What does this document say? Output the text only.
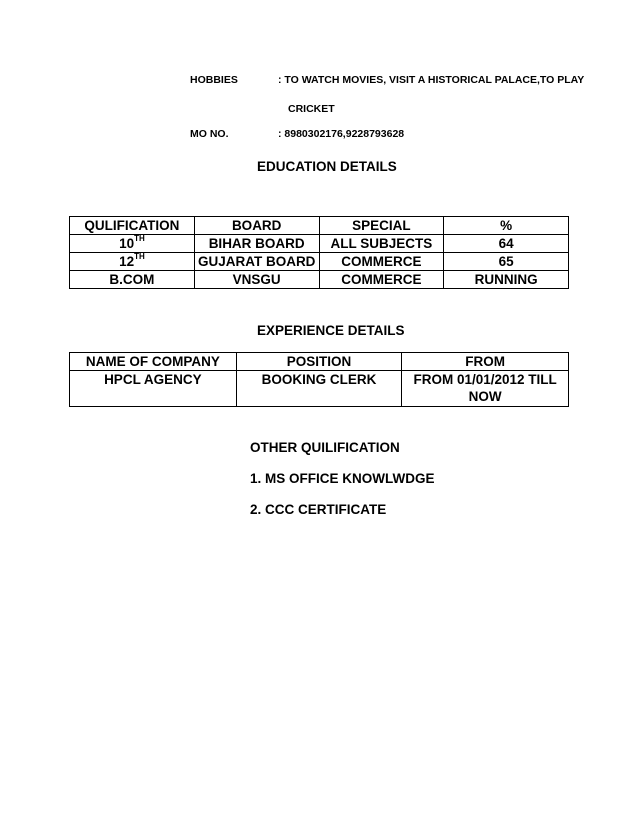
HOBBIES	: TO WATCH MOVIES, VISIT A HISTORICAL PALACE,TO PLAY
CRICKET
MO NO.	: 8980302176,9228793628
EDUCATION DETAILS
QULIFICATION	BOARD	SPECIAL	%
10TH	BIHAR BOARD	ALL SUBJECTS	64
12TH	GUJARAT BOARD	COMMERCE	65
B.COM	VNSGU	COMMERCE	RUNNING
EXPERIENCE DETAILS
NAME OF COMPANY	POSITION	FROM
HPCL AGENCY	BOOKING CLERK	FROM 01/01/2012 TILL
NOW
OTHER QUILIFICATION
1. MS OFFICE KNOWLWDGE
2. CCC CERTIFICATE
